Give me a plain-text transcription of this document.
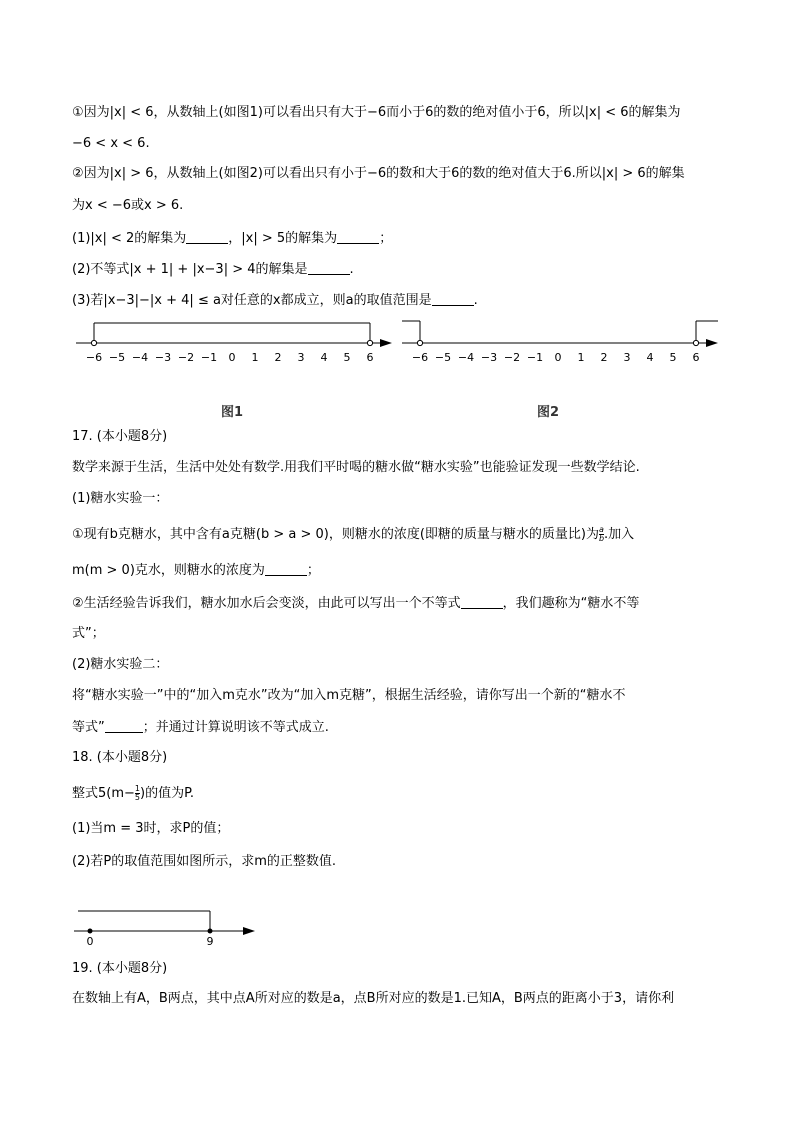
①因为|x| < 6，从数轴上(如图1)可以看出只有大于−6而小于6的数的绝对值小于6，所以|x| < 6的解集为
−6 < x < 6.
②因为|x| > 6，从数轴上(如图2)可以看出只有小于−6的数和大于6的数的绝对值大于6.所以|x| > 6的解集
为x < −6或x > 6.
(1)|x| < 2的解集为	，|x| > 5的解集为	；
(2)不等式|x + 1| + |x−3| > 4的解集是	.
(3)若|x−3|−|x + 4| ≤ a对任意的x都成立，则a的取值范围是	.
−6 −5 −4 −3 −2 −1 0 1 2 3 4 5 6	−6 −5 −4 −3 −2 −1 0 1 2 3 4 5 6
图1	图2
17. (本小题8分)
数学来源于生活，生活中处处有数学.用我们平时喝的糖水做“糖水实验”也能验证发现一些数学结论.
(1)糖水实验一：
①现有b克糖水，其中含有a克糖(b > a > 0)，则糖水的浓度(即糖的质量与糖水的质量比)为 $\frac{a}{b}$ .加入
m(m > 0)克水，则糖水的浓度为	；
②生活经验告诉我们，糖水加水后会变淡，由此可以写出一个不等式	，我们趣称为“糖水不等
式”；
(2)糖水实验二：
将“糖水实验一”中的“加入m克水”改为“加入m克糖”，根据生活经验，请你写出一个新的“糖水不
等式”	；并通过计算说明该不等式成立.
18. (本小题8分)
整式$5(m- \frac{1}{5}$ )的值为P.
(1)当m = 3时，求P的值；
(2)若P的取值范围如图所示，求m的正整数值.
0	9
19. (本小题8分)
在数轴上有A，B两点，其中点A所对应的数是a，点B所对应的数是1.已知A，B两点的距离小于3，请你利
